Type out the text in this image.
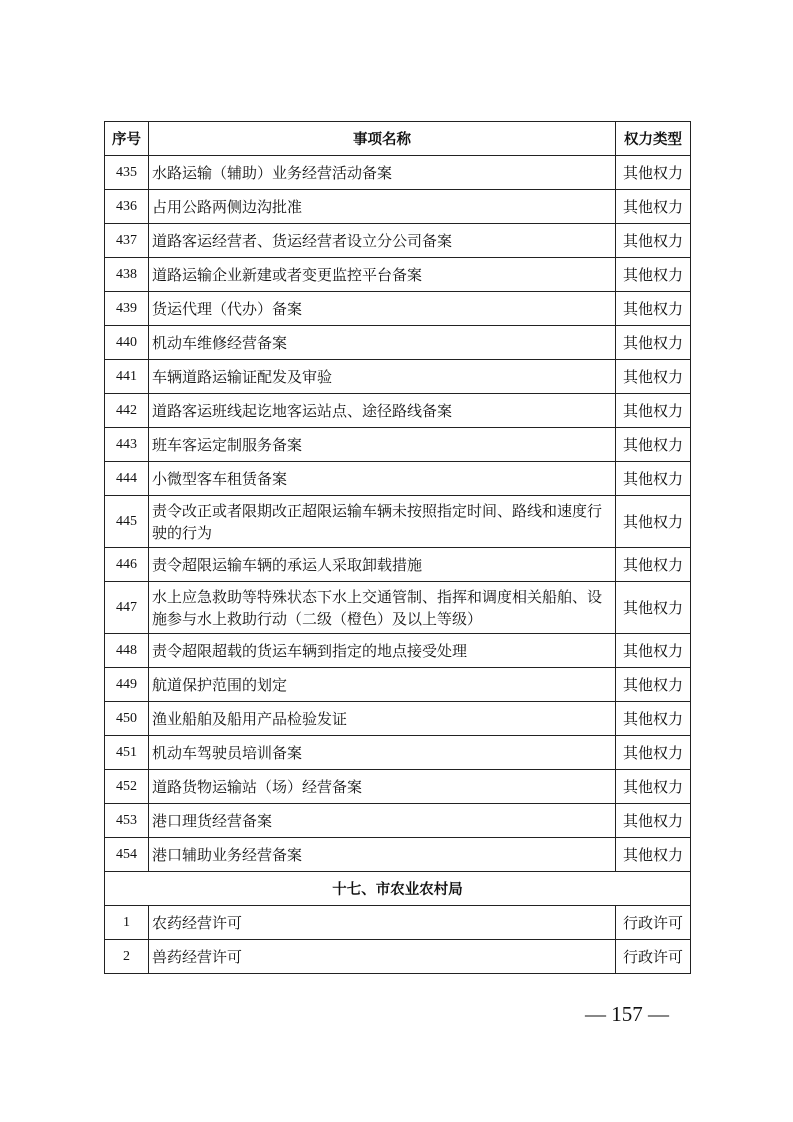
序号	事项名称	权力类型
435	水路运输（辅助）业务经营活动备案	其他权力
436	占用公路两侧边沟批准	其他权力
437	道路客运经营者、货运经营者设立分公司备案	其他权力
438	道路运输企业新建或者变更监控平台备案	其他权力
439	货运代理（代办）备案	其他权力
440	机动车维修经营备案	其他权力
441	车辆道路运输证配发及审验	其他权力
442	道路客运班线起讫地客运站点、途径路线备案	其他权力
443	班车客运定制服务备案	其他权力
444	小微型客车租赁备案	其他权力
445	责令改正或者限期改正超限运输车辆未按照指定时间、路线和速度行驶的行为	其他权力
446	责令超限运输车辆的承运人采取卸载措施	其他权力
447	水上应急救助等特殊状态下水上交通管制、指挥和调度相关船舶、设施参与水上救助行动（二级（橙色）及以上等级）	其他权力
448	责令超限超载的货运车辆到指定的地点接受处理	其他权力
449	航道保护范围的划定	其他权力
450	渔业船舶及船用产品检验发证	其他权力
451	机动车驾驶员培训备案	其他权力
452	道路货物运输站（场）经营备案	其他权力
453	港口理货经营备案	其他权力
454	港口辅助业务经营备案	其他权力
十七、市农业农村局		
1	农药经营许可	行政许可
2	兽药经营许可	行政许可
— 157 —
